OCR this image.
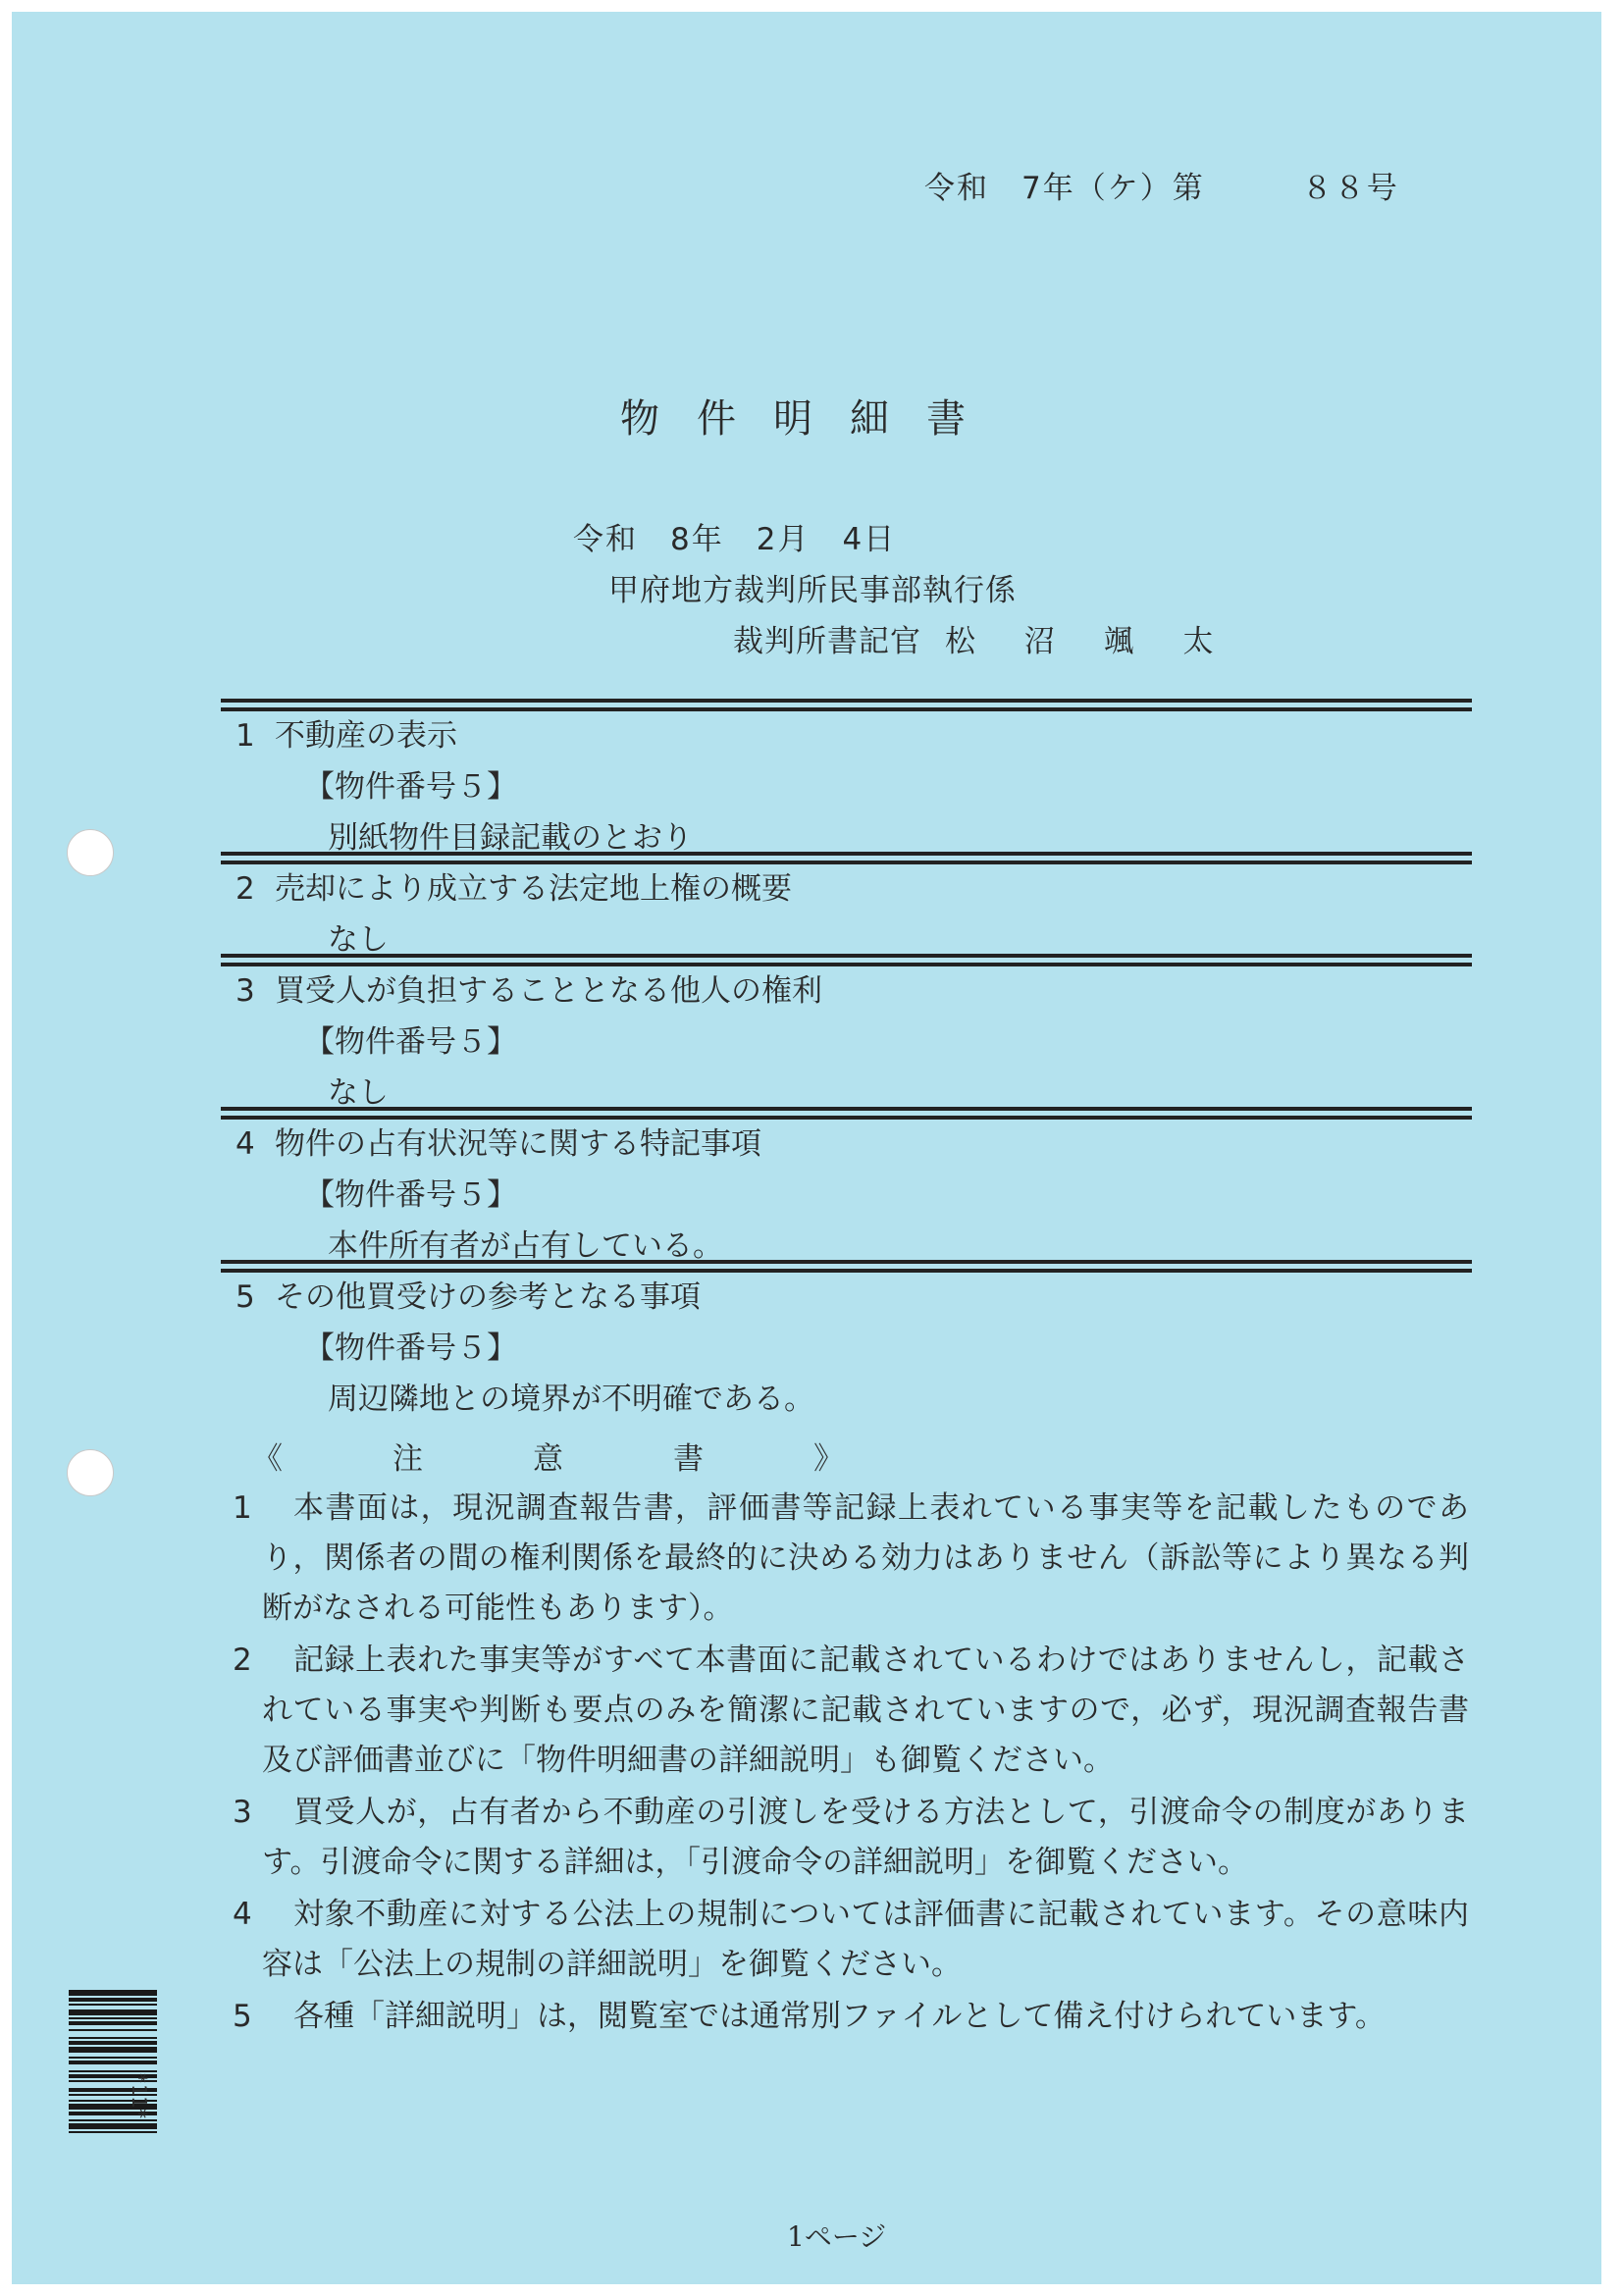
令和　7年（ケ）第　　　８８号
物件明細書
令和　8年　2月　4日
甲府地方裁判所民事部執行係
裁判所書記官 松 沼 颯 太
1 不動産の表示
【物件番号５】
別紙物件目録記載のとおり
2 売却により成立する法定地上権の概要
なし
3 買受人が負担することとなる他人の権利
【物件番号５】
なし
4 物件の占有状況等に関する特記事項
【物件番号５】
本件所有者が占有している。
5 その他買受けの参考となる事項
【物件番号５】
周辺隣地との境界が不明確である。
《	注	意	書	》
1	本書面は，現況調査報告書，評価書等記録上表れている事実等を記載したものであり，関係者の間の権利関係を最終的に決める効力はありません（訴訟等により異なる判断がなされる可能性もあります）。
2	記録上表れた事実等がすべて本書面に記載されているわけではありませんし，記載されている事実や判断も要点のみを簡潔に記載されていますので，必ず，現況調査報告書及び評価書並びに「物件明細書の詳細説明」も御覧ください。
3	買受人が，占有者から不動産の引渡しを受ける方法として，引渡命令の制度があります。引渡命令に関する詳細は，「引渡命令の詳細説明」を御覧ください。
4	対象不動産に対する公法上の規制については評価書に記載されています。その意味内容は「公法上の規制の詳細説明」を御覧ください。
5	各種「詳細説明」は，閲覧室では通常別ファイルとして備え付けられています。
*11*
1ページ
